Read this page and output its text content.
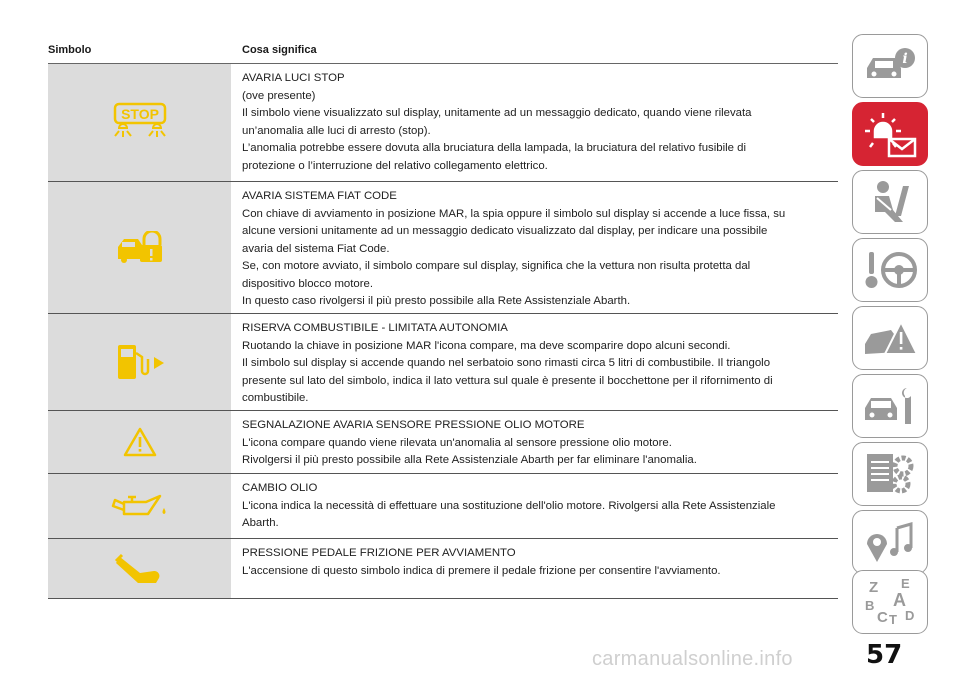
Simbolo	Cosa significa
STOP
AVARIA LUCI STOP
(ove presente)
Il simbolo viene visualizzato sul display, unitamente ad un messaggio dedicato, quando viene rilevata
un’anomalia alle luci di arresto (stop).
L’anomalia potrebbe essere dovuta alla bruciatura della lampada, la bruciatura del relativo fusibile di
protezione o l’interruzione del relativo collegamento elettrico.
AVARIA SISTEMA FIAT CODE
Con chiave di avviamento in posizione MAR, la spia oppure il simbolo sul display si accende a luce fissa, su
alcune versioni unitamente ad un messaggio dedicato visualizzato dal display, per indicare una possibile
avaria del sistema Fiat Code.
Se, con motore avviato, il simbolo compare sul display, significa che la vettura non risulta protetta dal
dispositivo blocco motore.
In questo caso rivolgersi il più presto possibile alla Rete Assistenziale Abarth.
RISERVA COMBUSTIBILE - LIMITATA AUTONOMIA
Ruotando la chiave in posizione MAR l'icona compare, ma deve scomparire dopo alcuni secondi.
Il simbolo sul display si accende quando nel serbatoio sono rimasti circa 5 litri di combustibile. Il triangolo
presente sul lato del simbolo, indica il lato vettura sul quale è presente il bocchettone per il rifornimento di
combustibile.
SEGNALAZIONE AVARIA SENSORE PRESSIONE OLIO MOTORE
L'icona compare quando viene rilevata un'anomalia al sensore pressione olio motore.
Rivolgersi il più presto possibile alla Rete Assistenziale Abarth per far eliminare l'anomalia.
CAMBIO OLIO
L'icona indica la necessità di effettuare una sostituzione dell'olio motore. Rivolgersi alla Rete Assistenziale
Abarth.
PRESSIONE PEDALE FRIZIONE PER AVVIAMENTO
L'accensione di questo simbolo indica di premere il pedale frizione per consentire l'avviamento.
i
Z E
A
B
C T D
carmanualsonline.info	57
